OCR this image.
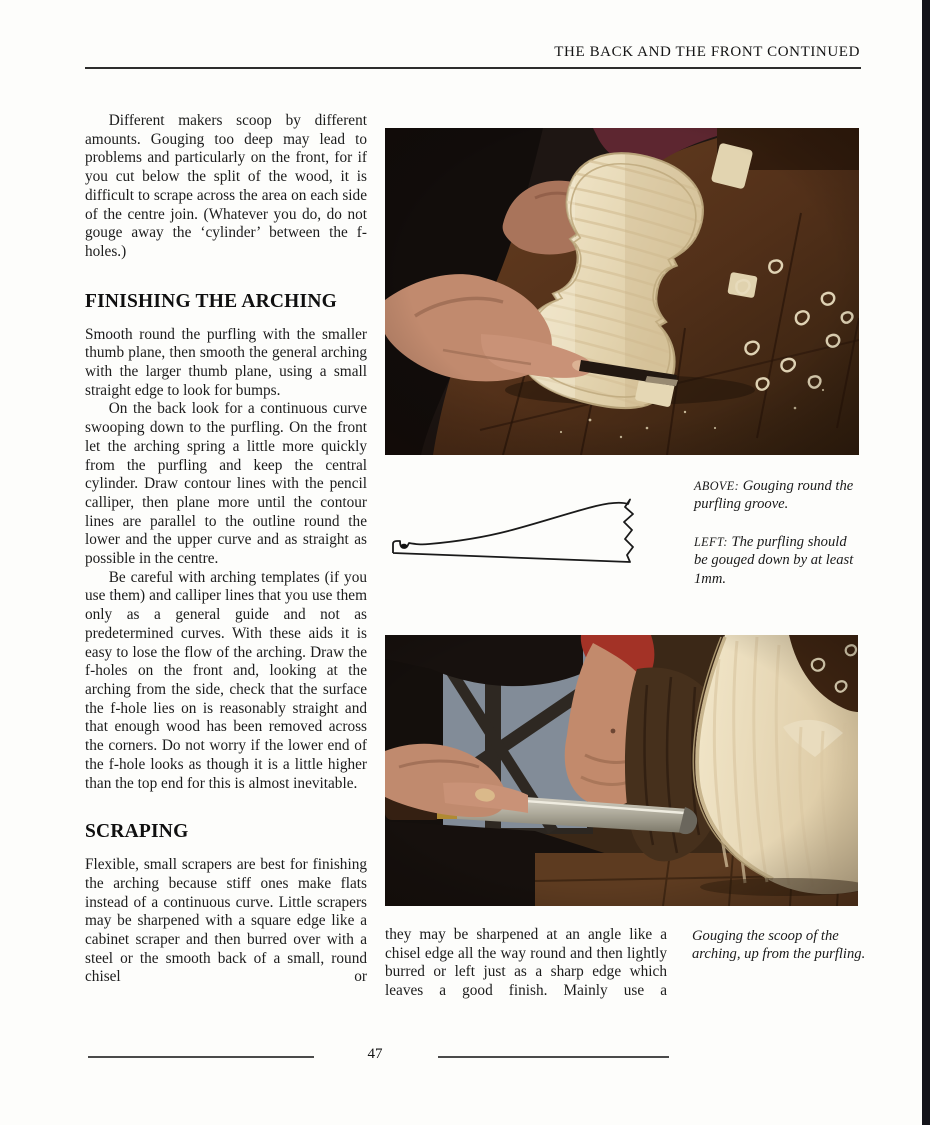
THE BACK AND THE FRONT CONTINUED

Different makers scoop by different amounts. Gouging too deep may lead to problems and particularly on the front, for if you cut below the split of the wood, it is difficult to scrape across the area on each side of the centre join. (Whatever you do, do not gouge away the ‘cylinder’ between the f-holes.)

FINISHING THE ARCHING

Smooth round the purfling with the smaller thumb plane, then smooth the general arching with the larger thumb plane, using a small straight edge to look for bumps.

On the back look for a continuous curve swooping down to the purfling. On the front let the arching spring a little more quickly from the purfling and keep the central cylinder. Draw contour lines with the pencil calliper, then plane more until the contour lines are parallel to the outline round the lower and the upper curve and as straight as possible in the centre.

Be careful with arching templates (if you use them) and calliper lines that you use them only as a general guide and not as predetermined curves. With these aids it is easy to lose the flow of the arching. Draw the f-holes on the front and, looking at the arching from the side, check that the surface the f-hole lies on is reasonably straight and that enough wood has been removed across the corners. Do not worry if the lower end of the f-hole looks as though it is a little higher than the top end for this is almost inevitable.

SCRAPING

Flexible, small scrapers are best for finishing the arching because stiff ones make flats instead of a continuous curve. Little scrapers may be sharpened with a square edge like a cabinet scraper and then burred over with a steel or the smooth back of a small, round chisel or

ABOVE: Gouging round the purfling groove.

LEFT: The purfling should be gouged down by at least 1mm.

they may be sharpened at an angle like a chisel edge all the way round and then lightly burred or left just as a sharp edge which leaves a good finish. Mainly use a

Gouging the scoop of the arching, up from the purfling.

47
